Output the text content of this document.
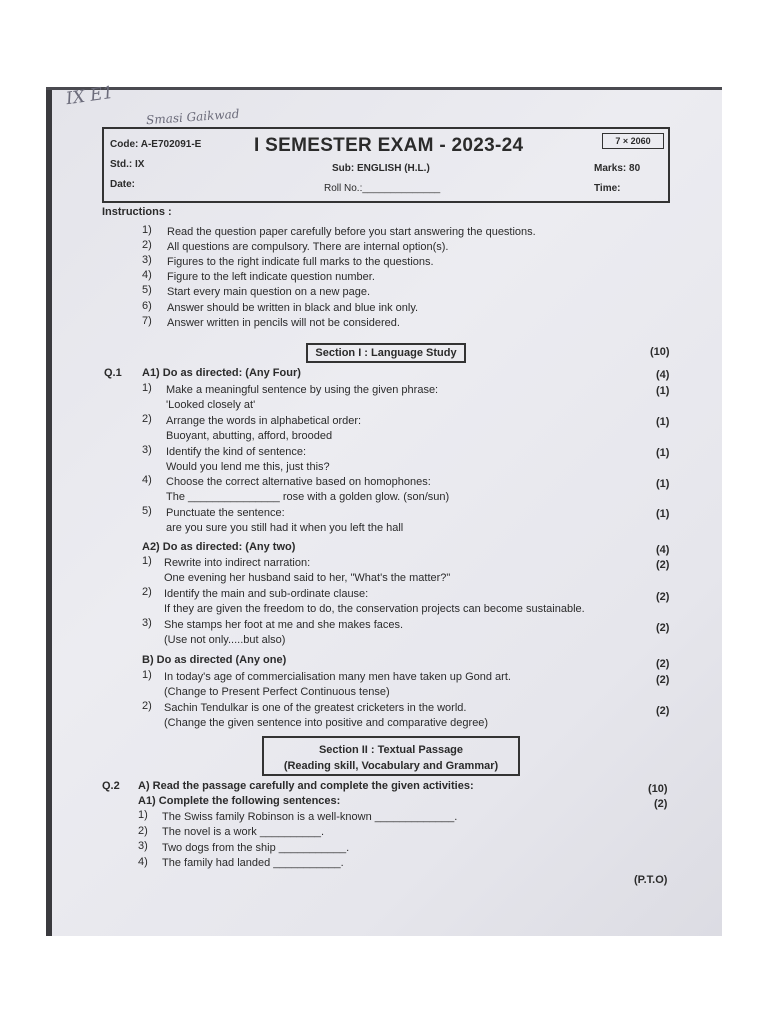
IX E1
Smasi Gaikwad
Code: A-E702091-E	I SEMESTER EXAM - 2023-24	7 × 2060
Std.: IX	Sub: ENGLISH (H.L.)	Marks: 80
Date:	Roll No.:______________	Time:
Instructions :
1) Read the question paper carefully before you start answering the questions.
2) All questions are compulsory. There are internal option(s).
3) Figures to the right indicate full marks to the questions.
4) Figure to the left indicate question number.
5) Start every main question on a new page.
6) Answer should be written in black and blue ink only.
7) Answer written in pencils will not be considered.
Section I : Language Study	(10)
Q.1 A1) Do as directed: (Any Four)	(4)
1) Make a meaningful sentence by using the given phrase:
'Looked closely at'
(1)
2) Arrange the words in alphabetical order:
Buoyant, abutting, afford, brooded
(1)
3) Identify the kind of sentence:
Would you lend me this, just this?
(1)
4) Choose the correct alternative based on homophones:
The _______________ rose with a golden glow. (son/sun)
(1)
5) Punctuate the sentence:
are you sure you still had it when you left the hall
(1)
A2) Do as directed: (Any two)	(4)
1) Rewrite into indirect narration:
One evening her husband said to her, "What's the matter?"
(2)
2) Identify the main and sub-ordinate clause:
If they are given the freedom to do, the conservation projects can become sustainable.
(2)
3) She stamps her foot at me and she makes faces.
(Use not only.....but also)
(2)
B) Do as directed (Any one)	(2)
1) In today's age of commercialisation many men have taken up Gond art.
(Change to Present Perfect Continuous tense)
(2)
2) Sachin Tendulkar is one of the greatest cricketers in the world.
(Change the given sentence into positive and comparative degree)
(2)
Section II : Textual Passage
(Reading skill, Vocabulary and Grammar)
Q.2 A) Read the passage carefully and complete the given activities:	(10)
A1) Complete the following sentences:	(2)
1) The Swiss family Robinson is a well-known _____________.
2) The novel is a work __________.
3) Two dogs from the ship ___________.
4) The family had landed ___________.
(P.T.O)
